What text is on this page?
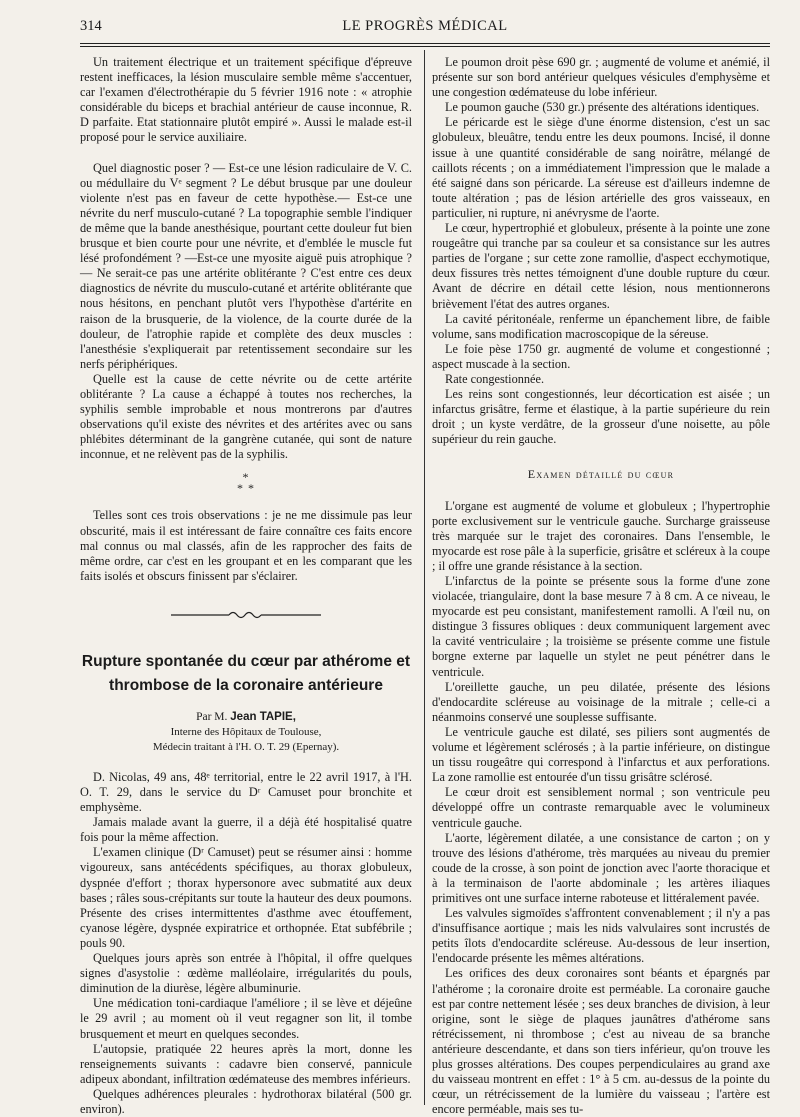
314	LE PROGRÈS MÉDICAL

Un traitement électrique et un traitement spécifique d'épreuve restent inefficaces, la lésion musculaire semble même s'accentuer, car l'examen d'électrothérapie du 5 février 1916 note : « atrophie considérable du biceps et brachial antérieur de cause inconnue, R. D parfaite. Etat stationnaire plutôt empiré ». Aussi le malade est-il proposé pour le service auxiliaire.

Quel diagnostic poser ? — Est-ce une lésion radiculaire de V. C. ou médullaire du Vᵉ segment ? Le début brusque par une douleur violente n'est pas en faveur de cette hypothèse.— Est-ce une névrite du nerf musculo-cutané ? La topographie semble l'indiquer de même que la bande anesthésique, pourtant cette douleur fut bien brusque et bien courte pour une névrite, et d'emblée le muscle fut lésé profondément ? —Est-ce une myosite aiguë puis atrophique ? — Ne serait-ce pas une artérite oblitérante ? C'est entre ces deux diagnostics de névrite du musculo-cutané et artérite oblitérante que nous hésitons, en penchant plutôt vers l'hypothèse d'artérite en raison de la brusquerie, de la violence, de la courte durée de la douleur, de l'atrophie rapide et complète des deux muscles : l'anesthésie s'expliquerait par retentissement secondaire sur les nerfs périphériques.

Quelle est la cause de cette névrite ou de cette artérite oblitérante ? La cause a échappé à toutes nos recherches, la syphilis semble improbable et nous montrerons par d'autres observations qu'il existe des névrites et des artérites avec ou sans phlébites déterminant de la gangrène cutanée, qui sont de nature inconnue, et ne relèvent pas de la syphilis.

*
* *

Telles sont ces trois observations : je ne me dissimule pas leur obscurité, mais il est intéressant de faire connaître ces faits encore mal connus ou mal classés, afin de les rapprocher des faits de même ordre, car c'est en les groupant et en les comparant que les faits isolés et obscurs finissent par s'éclairer.

Rupture spontanée du cœur par athérome et
thrombose de la coronaire antérieure
Par M. Jean TAPIE,
Interne des Hôpitaux de Toulouse,
Médecin traitant à l'H. O. T. 29 (Epernay).

D. Nicolas, 49 ans, 48ᵉ territorial, entre le 22 avril 1917, à l'H. O. T. 29, dans le service du Dʳ Camuset pour bronchite et emphysème.

Jamais malade avant la guerre, il a déjà été hospitalisé quatre fois pour la même affection.

L'examen clinique (Dʳ Camuset) peut se résumer ainsi : homme vigoureux, sans antécédents spécifiques, au thorax globuleux, dyspnée d'effort ; thorax hypersonore avec submatité aux deux bases ; râles sous-crépitants sur toute la hauteur des deux poumons. Présente des crises intermittentes d'asthme avec étouffement, cyanose légère, dyspnée expiratrice et orthopnée. Etat subfébrile ; pouls 90.

Quelques jours après son entrée à l'hôpital, il offre quelques signes d'asystolie : œdème malléolaire, irrégularités du pouls, diminution de la diurèse, légère albuminurie.

Une médication toni-cardiaque l'améliore ; il se lève et déjeûne le 29 avril ; au moment où il veut regagner son lit, il tombe brusquement et meurt en quelques secondes.

L'autopsie, pratiquée 22 heures après la mort, donne les renseignements suivants : cadavre bien conservé, pannicule adipeux abondant, infiltration œdémateuse des membres inférieurs.

Quelques adhérences pleurales : hydrothorax bilatéral (500 gr. environ).

Le poumon droit pèse 690 gr. ; augmenté de volume et anémié, il présente sur son bord antérieur quelques vésicules d'emphysème et une congestion œdémateuse du lobe inférieur.

Le poumon gauche (530 gr.) présente des altérations identiques.

Le péricarde est le siège d'une énorme distension, c'est un sac globuleux, bleuâtre, tendu entre les deux poumons. Incisé, il donne issue à une quantité considérable de sang noirâtre, mélangé de caillots récents ; on a immédiatement l'impression que le malade a été saigné dans son péricarde. La séreuse est d'ailleurs indemne de toute altération ; pas de lésion artérielle des gros vaisseaux, en particulier, ni rupture, ni anévrysme de l'aorte.

Le cœur, hypertrophié et globuleux, présente à la pointe une zone rougeâtre qui tranche par sa couleur et sa consistance sur les autres parties de l'organe ; sur cette zone ramollie, d'aspect ecchymotique, deux fissures très nettes témoignent d'une double rupture du cœur. Avant de décrire en détail cette lésion, nous mentionnerons brièvement l'état des autres organes.

La cavité péritonéale, renferme un épanchement libre, de faible volume, sans modification macroscopique de la séreuse.

Le foie pèse 1750 gr. augmenté de volume et congestionné ; aspect muscade à la section.

Rate congestionnée.

Les reins sont congestionnés, leur décortication est aisée ; un infarctus grisâtre, ferme et élastique, à la partie supérieure du rein droit ; un kyste verdâtre, de la grosseur d'une noisette, au pôle supérieur du rein gauche.

Examen détaillé du cœur

L'organe est augmenté de volume et globuleux ; l'hypertrophie porte exclusivement sur le ventricule gauche. Surcharge graisseuse très marquée sur le trajet des coronaires. Dans l'ensemble, le myocarde est rose pâle à la superficie, grisâtre et scléreux à la coupe ; il offre une grande résistance à la section.

L'infarctus de la pointe se présente sous la forme d'une zone violacée, triangulaire, dont la base mesure 7 à 8 cm. A ce niveau, le myocarde est peu consistant, manifestement ramolli. A l'œil nu, on distingue 3 fissures obliques : deux communiquent largement avec la cavité ventriculaire ; la troisième se présente comme une fistule borgne externe par laquelle un stylet ne peut pénétrer dans le ventricule.

L'oreillette gauche, un peu dilatée, présente des lésions d'endocardite scléreuse au voisinage de la mitrale ; celle-ci a néanmoins conservé une souplesse suffisante.

Le ventricule gauche est dilaté, ses piliers sont augmentés de volume et légèrement sclérosés ; à la partie inférieure, on distingue un tissu rougeâtre qui correspond à l'infarctus et aux perforations. La zone ramollie est entourée d'un tissu grisâtre sclérosé.

Le cœur droit est sensiblement normal ; son ventricule peu développé offre un contraste remarquable avec le volumineux ventricule gauche.

L'aorte, légèrement dilatée, a une consistance de carton ; on y trouve des lésions d'athérome, très marquées au niveau du premier coude de la crosse, à son point de jonction avec l'aorte thoracique et à la terminaison de l'aorte abdominale ; les artères iliaques primitives ont une surface interne raboteuse et littéralement pavée.

Les valvules sigmoïdes s'affrontent convenablement ; il n'y a pas d'insuffisance aortique ; mais les nids valvulaires sont incrustés de petits îlots d'endocardite scléreuse. Au-dessous de leur insertion, l'endocarde présente les mêmes altérations.

Les orifices des deux coronaires sont béants et épargnés par l'athérome ; la coronaire droite est perméable. La coronaire gauche est par contre nettement lésée ; ses deux branches de division, à leur origine, sont le siège de plaques jaunâtres d'athérome sans rétrécissement, ni thrombose ; c'est au niveau de sa branche antérieure descendante, et dans son tiers inférieur, qu'on trouve les plus grosses altérations. Des coupes perpendiculaires au grand axe du vaisseau montrent en effet : 1° à 5 cm. au-dessus de la pointe du cœur, un rétrécissement de la lumière du vaisseau ; l'artère est encore perméable, mais ses tu-
